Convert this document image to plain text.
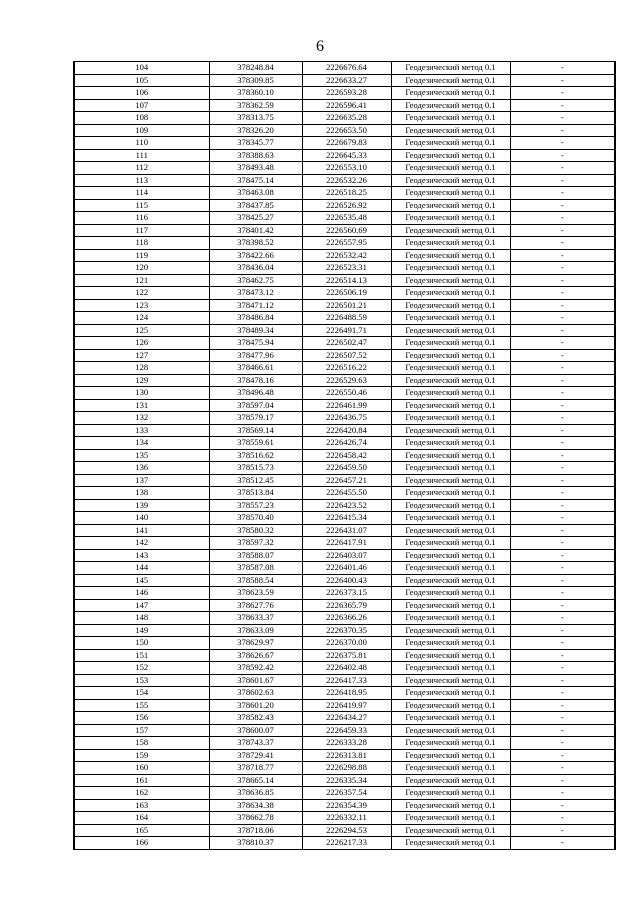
6
104	378248.84	2226676.64	Геодезический метод 0.1	-
105	378309.85	2226633.27	Геодезический метод 0.1	-
106	378360.10	2226593.28	Геодезический метод 0.1	-
107	378362.59	2226596.41	Геодезический метод 0.1	-
108	378313.75	2226635.28	Геодезический метод 0.1	-
109	378326.20	2226653.50	Геодезический метод 0.1	-
110	378345.77	2226679.83	Геодезический метод 0.1	-
111	378388.63	2226645.33	Геодезический метод 0.1	-
112	378493.48	2226553.10	Геодезический метод 0.1	-
113	378475.14	2226532.26	Геодезический метод 0.1	-
114	378463.08	2226518.25	Геодезический метод 0.1	-
115	378437.85	2226526.92	Геодезический метод 0.1	-
116	378425.27	2226535.48	Геодезический метод 0.1	-
117	378401.42	2226560.69	Геодезический метод 0.1	-
118	378398.52	2226557.95	Геодезический метод 0.1	-
119	378422.66	2226532.42	Геодезический метод 0.1	-
120	378436.04	2226523.31	Геодезический метод 0.1	-
121	378462.75	2226514.13	Геодезический метод 0.1	-
122	378473.12	2226506.19	Геодезический метод 0.1	-
123	378471.12	2226501.21	Геодезический метод 0.1	-
124	378486.84	2226488.59	Геодезический метод 0.1	-
125	378489.34	2226491.71	Геодезический метод 0.1	-
126	378475.94	2226502.47	Геодезический метод 0.1	-
127	378477.96	2226507.52	Геодезический метод 0.1	-
128	378466.61	2226516.22	Геодезический метод 0.1	-
129	378478.16	2226529.63	Геодезический метод 0.1	-
130	378496.48	2226550.46	Геодезический метод 0.1	-
131	378597.04	2226461.99	Геодезический метод 0.1	-
132	378579.17	2226436.75	Геодезический метод 0.1	-
133	378569.14	2226420.84	Геодезический метод 0.1	-
134	378559.61	2226426.74	Геодезический метод 0.1	-
135	378516.62	2226458.42	Геодезический метод 0.1	-
136	378515.73	2226459.50	Геодезический метод 0.1	-
137	378512.45	2226457.21	Геодезический метод 0.1	-
138	378513.84	2226455.50	Геодезический метод 0.1	-
139	378557.23	2226423.52	Геодезический метод 0.1	-
140	378570.40	2226415.34	Геодезический метод 0.1	-
141	378580.32	2226431.07	Геодезический метод 0.1	-
142	378597.32	2226417.91	Геодезический метод 0.1	-
143	378588.07	2226403.07	Геодезический метод 0.1	-
144	378587.08	2226401.46	Геодезический метод 0.1	-
145	378588.54	2226400.43	Геодезический метод 0.1	-
146	378623.59	2226373.15	Геодезический метод 0.1	-
147	378627.76	2226365.79	Геодезический метод 0.1	-
148	378633.37	2226366.26	Геодезический метод 0.1	-
149	378633.09	2226370.35	Геодезический метод 0.1	-
150	378629.97	2226370.00	Геодезический метод 0.1	-
151	378626.67	2226375.81	Геодезический метод 0.1	-
152	378592.42	2226402.48	Геодезический метод 0.1	-
153	378601.67	2226417.33	Геодезический метод 0.1	-
154	378602.63	2226418.95	Геодезический метод 0.1	-
155	378601.20	2226419.97	Геодезический метод 0.1	-
156	378582.43	2226434.27	Геодезический метод 0.1	-
157	378600.07	2226459.33	Геодезический метод 0.1	-
158	378743.37	2226333.28	Геодезический метод 0.1	-
159	378729.41	2226313.81	Геодезический метод 0.1	-
160	378718.77	2226298.88	Геодезический метод 0.1	-
161	378665.14	2226335.34	Геодезический метод 0.1	-
162	378636.85	2226357.54	Геодезический метод 0.1	-
163	378634.38	2226354.39	Геодезический метод 0.1	-
164	378662.78	2226332.11	Геодезический метод 0.1	-
165	378718.06	2226294.53	Геодезический метод 0.1	-
166	378810.37	2226217.33	Геодезический метод 0.1	-
